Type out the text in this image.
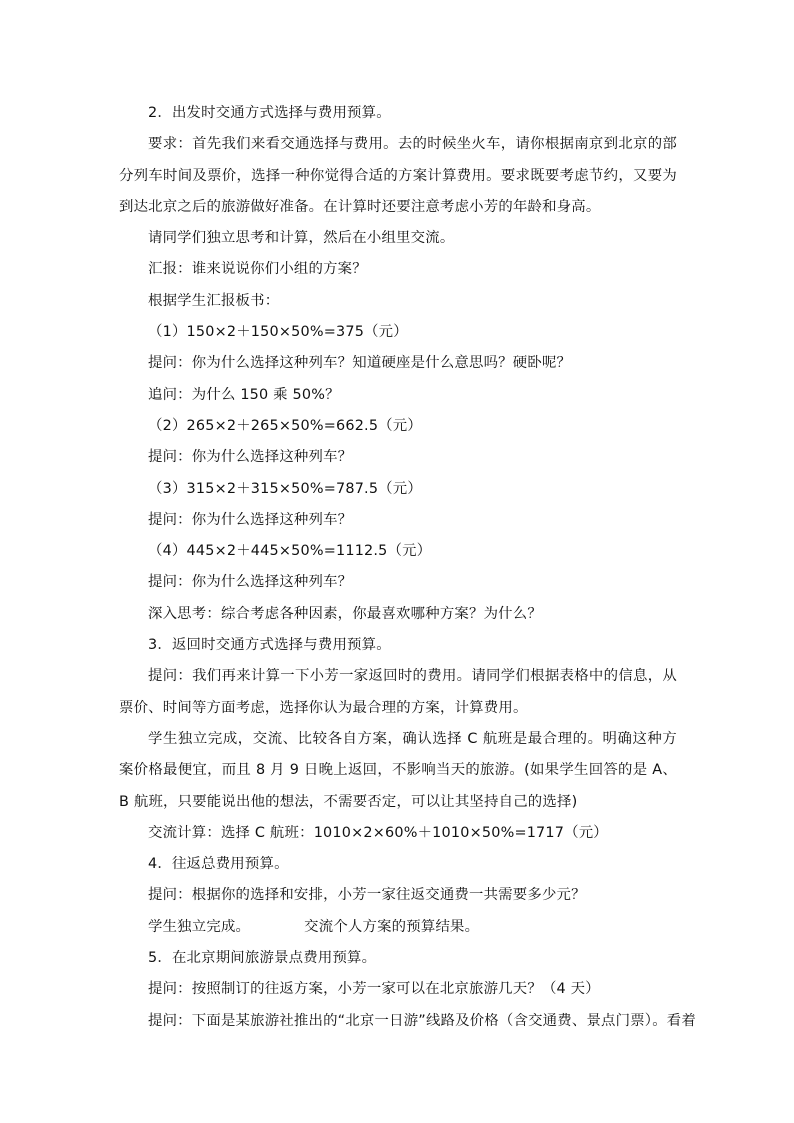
2．出发时交通方式选择与费用预算。

要求：首先我们来看交通选择与费用。去的时候坐火车，请你根据南京到北京的部分列车时间及票价，选择一种你觉得合适的方案计算费用。要求既要考虑节约，又要为到达北京之后的旅游做好准备。在计算时还要注意考虑小芳的年龄和身高。

请同学们独立思考和计算，然后在小组里交流。

汇报：谁来说说你们小组的方案？

根据学生汇报板书：

（1）150×2＋150×50%=375（元）

提问：你为什么选择这种列车？知道硬座是什么意思吗？硬卧呢？

追问：为什么 150 乘 50%？

（2）265×2＋265×50%=662.5（元）

提问：你为什么选择这种列车？

（3）315×2＋315×50%=787.5（元）

提问：你为什么选择这种列车？

（4）445×2＋445×50%=1112.5（元）

提问：你为什么选择这种列车？

深入思考：综合考虑各种因素，你最喜欢哪种方案？为什么？

3．返回时交通方式选择与费用预算。

提问：我们再来计算一下小芳一家返回时的费用。请同学们根据表格中的信息，从票价、时间等方面考虑，选择你认为最合理的方案，计算费用。

学生独立完成，交流、比较各自方案，确认选择 C 航班是最合理的。明确这种方案价格最便宜，而且 8 月 9 日晚上返回，不影响当天的旅游。(如果学生回答的是 A、B 航班，只要能说出他的想法，不需要否定，可以让其坚持自己的选择)

交流计算：选择 C 航班：1010×2×60%＋1010×50%=1717（元）

4．往返总费用预算。

提问：根据你的选择和安排，小芳一家往返交通费一共需要多少元？

学生独立完成。	交流个人方案的预算结果。

5．在北京期间旅游景点费用预算。

提问：按照制订的往返方案，小芳一家可以在北京旅游几天？（4 天）

提问：下面是某旅游社推出的“北京一日游”线路及价格（含交通费、景点门票）。看着
